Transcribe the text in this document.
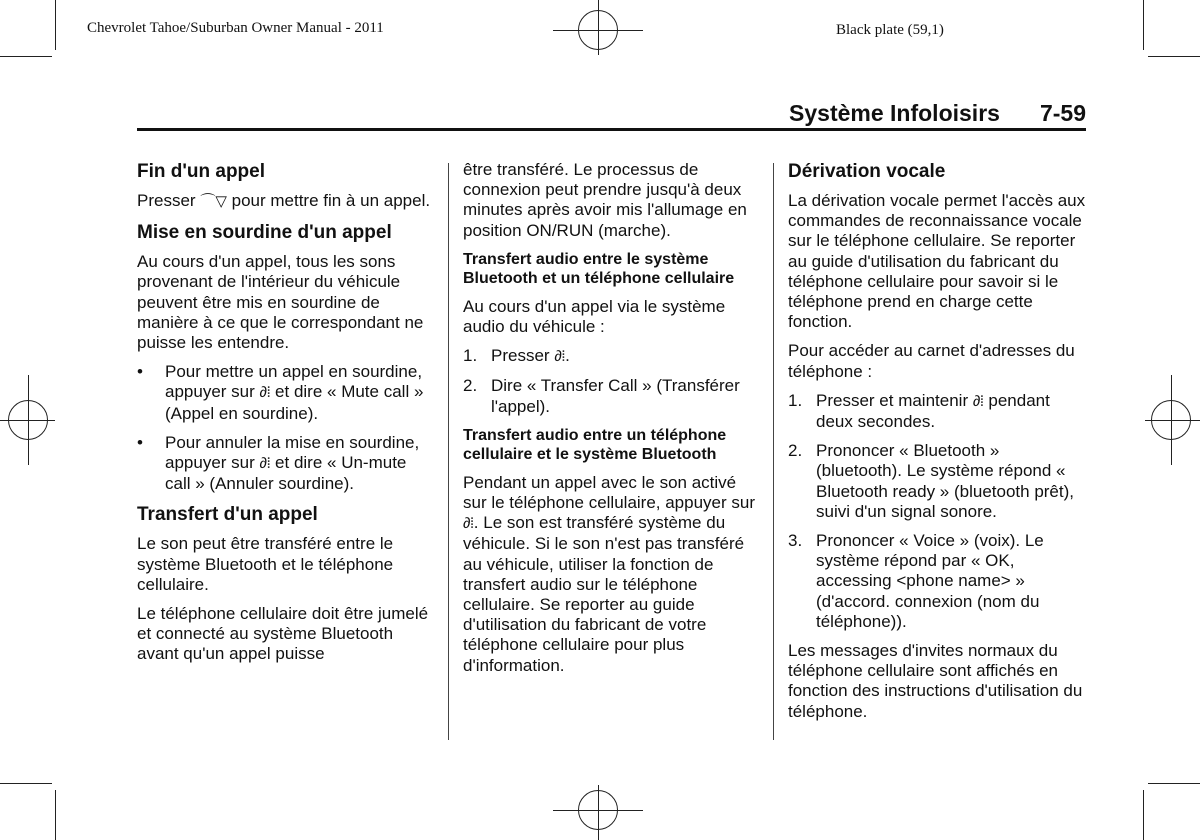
Chevrolet Tahoe/Suburban Owner Manual - 2011	Black plate (59,1)
Système Infoloisirs 7-59
Fin d'un appel

Presser ⌒▽ pour mettre fin à un appel.

Mise en sourdine d'un appel

Au cours d'un appel, tous les sons provenant de l'intérieur du véhicule peuvent être mis en sourdine de manière à ce que le correspondant ne puisse les entendre.

• Pour mettre un appel en sourdine, appuyer sur ∂⦙ et dire « Mute call » (Appel en sourdine).
• Pour annuler la mise en sourdine, appuyer sur ∂⦙ et dire « Un-mute call » (Annuler sourdine).
Transfert d'un appel

Le son peut être transféré entre le système Bluetooth et le téléphone cellulaire.

Le téléphone cellulaire doit être jumelé et connecté au système Bluetooth avant qu'un appel puisse

être transféré. Le processus de connexion peut prendre jusqu'à deux minutes après avoir mis l'allumage en position ON/RUN (marche).

Transfert audio entre le système Bluetooth et un téléphone cellulaire

Au cours d'un appel via le système audio du véhicule :

1. Presser ∂⦙.
2. Dire « Transfer Call » (Transférer l'appel).
Transfert audio entre un téléphone cellulaire et le système Bluetooth

Pendant un appel avec le son activé sur le téléphone cellulaire, appuyer sur ∂⦙. Le son est transféré système du véhicule. Si le son n'est pas transféré au véhicule, utiliser la fonction de transfert audio sur le téléphone cellulaire. Se reporter au guide d'utilisation du fabricant de votre téléphone cellulaire pour plus d'information.

Dérivation vocale

La dérivation vocale permet l'accès aux commandes de reconnaissance vocale sur le téléphone cellulaire. Se reporter au guide d'utilisation du fabricant du téléphone cellulaire pour savoir si le téléphone prend en charge cette fonction.

Pour accéder au carnet d'adresses du téléphone :

1. Presser et maintenir ∂⦙ pendant deux secondes.
2. Prononcer « Bluetooth » (bluetooth). Le système répond « Bluetooth ready » (bluetooth prêt), suivi d'un signal sonore.
3. Prononcer « Voice » (voix). Le système répond par « OK, accessing <phone name> » (d'accord. connexion (nom du téléphone)).

Les messages d'invites normaux du téléphone cellulaire sont affichés en fonction des instructions d'utilisation du téléphone.
